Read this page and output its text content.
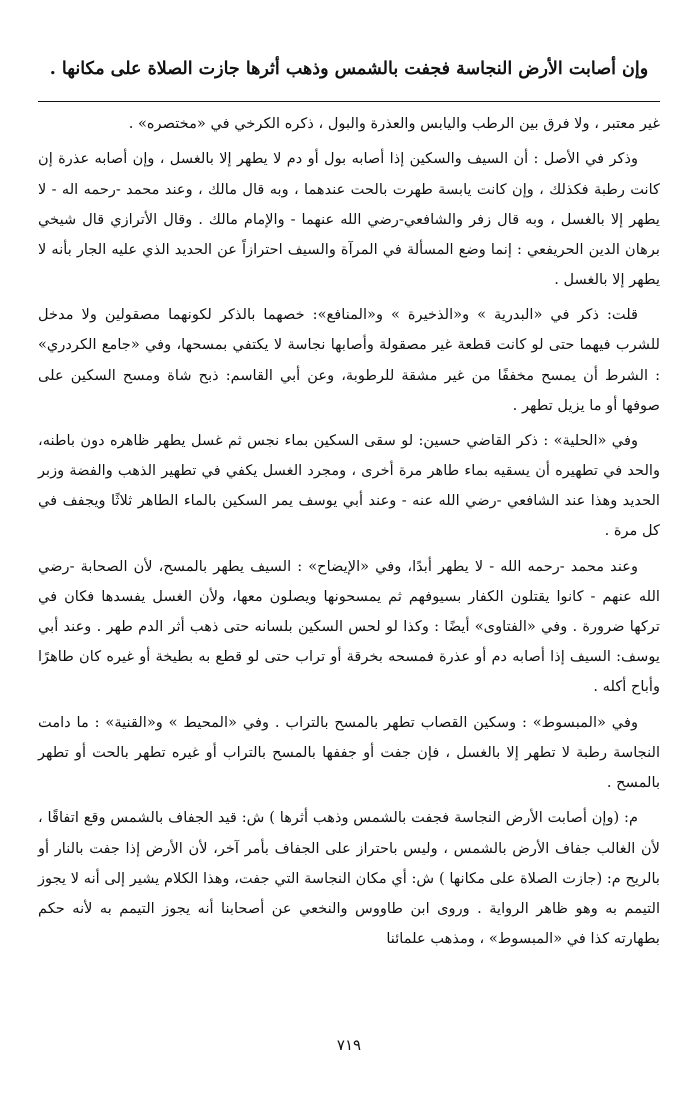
وإن أصابت الأرض النجاسة فجفت بالشمس وذهب أثرها جازت الصلاة على مكانها .

غير معتبر ، ولا فرق بين الرطب واليابس والعذرة والبول ، ذكره الكرخي في «مختصره» .

وذكر في الأصل : أن السيف والسكين إذا أصابه بول أو دم لا يطهر إلا بالغسل ، وإن أصابه عذرة إن كانت رطبة فكذلك ، وإن كانت يابسة طهرت بالحت عندهما ، وبه قال مالك ، وعند محمد -رحمه اله - لا يطهر إلا بالغسل ، وبه قال زفر والشافعي-رضي الله عنهما - والإمام مالك . وقال الأترازي قال شيخي برهان الدين الحريفعي : إنما وضع المسألة في المرآة والسيف احترازاً عن الحديد الذي عليه الجار بأنه لا يطهر إلا بالغسل .

قلت: ذكر في «البدرية » و«الذخيرة » و«المنافع»: خصهما بالذكر لكونهما مصقولين ولا مدخل للشرب فيهما حتى لو كانت قطعة غير مصقولة وأصابها نجاسة لا يكتفي بمسحها، وفي «جامع الكردري» : الشرط أن يمسح مخففًا من غير مشقة للرطوبة، وعن أبي القاسم: ذبح شاة ومسح السكين على صوفها أو ما يزيل تطهر .

وفي «الحلية» : ذكر القاضي حسين: لو سقى السكين بماء نجس ثم غسل يطهر ظاهره دون باطنه، والحد في تطهيره أن يسقيه بماء طاهر مرة أخرى ، ومجرد الغسل يكفي في تطهير الذهب والفضة وزبر الحديد وهذا عند الشافعي -رضي الله عنه - وعند أبي يوسف يمر السكين بالماء الطاهر ثلاثًا ويجفف في كل مرة .

وعند محمد -رحمه الله - لا يطهر أبدًا، وفي «الإيضاح» : السيف يطهر بالمسح، لأن الصحابة -رضي الله عنهم - كانوا يقتلون الكفار بسيوفهم ثم يمسحونها ويصلون معها، ولأن الغسل يفسدها فكان في تركها ضرورة . وفي «الفتاوى» أيضًا : وكذا لو لحس السكين بلسانه حتى ذهب أثر الدم طهر . وعند أبي يوسف: السيف إذا أصابه دم أو عذرة فمسحه بخرقة أو تراب حتى لو قطع به بطيخة أو غيره كان طاهرًا وأباح أكله .

وفي «المبسوط» : وسكين القصاب تطهر بالمسح بالتراب . وفي «المحيط » و«القنية» : ما دامت النجاسة رطبة لا تطهر إلا بالغسل ، فإن جفت أو جففها بالمسح بالتراب أو غيره تطهر بالحت أو تطهر بالمسح .

م: (وإن أصابت الأرض النجاسة فجفت بالشمس وذهب أثرها ) ش: قيد الجفاف بالشمس وقع اتفاقًا ، لأن الغالب جفاف الأرض بالشمس ، وليس باحتراز على الجفاف بأمر آخر، لأن الأرض إذا جفت بالنار أو بالريح م: (جازت الصلاة على مكانها ) ش: أي مكان النجاسة التي جفت، وهذا الكلام يشير إلى أنه لا يجوز التيمم به وهو ظاهر الرواية . وروى ابن طاووس والنخعي عن أصحابنا أنه يجوز التيمم به لأنه حكم بطهارته كذا في «المبسوط» ، ومذهب علمائنا

٧١٩
